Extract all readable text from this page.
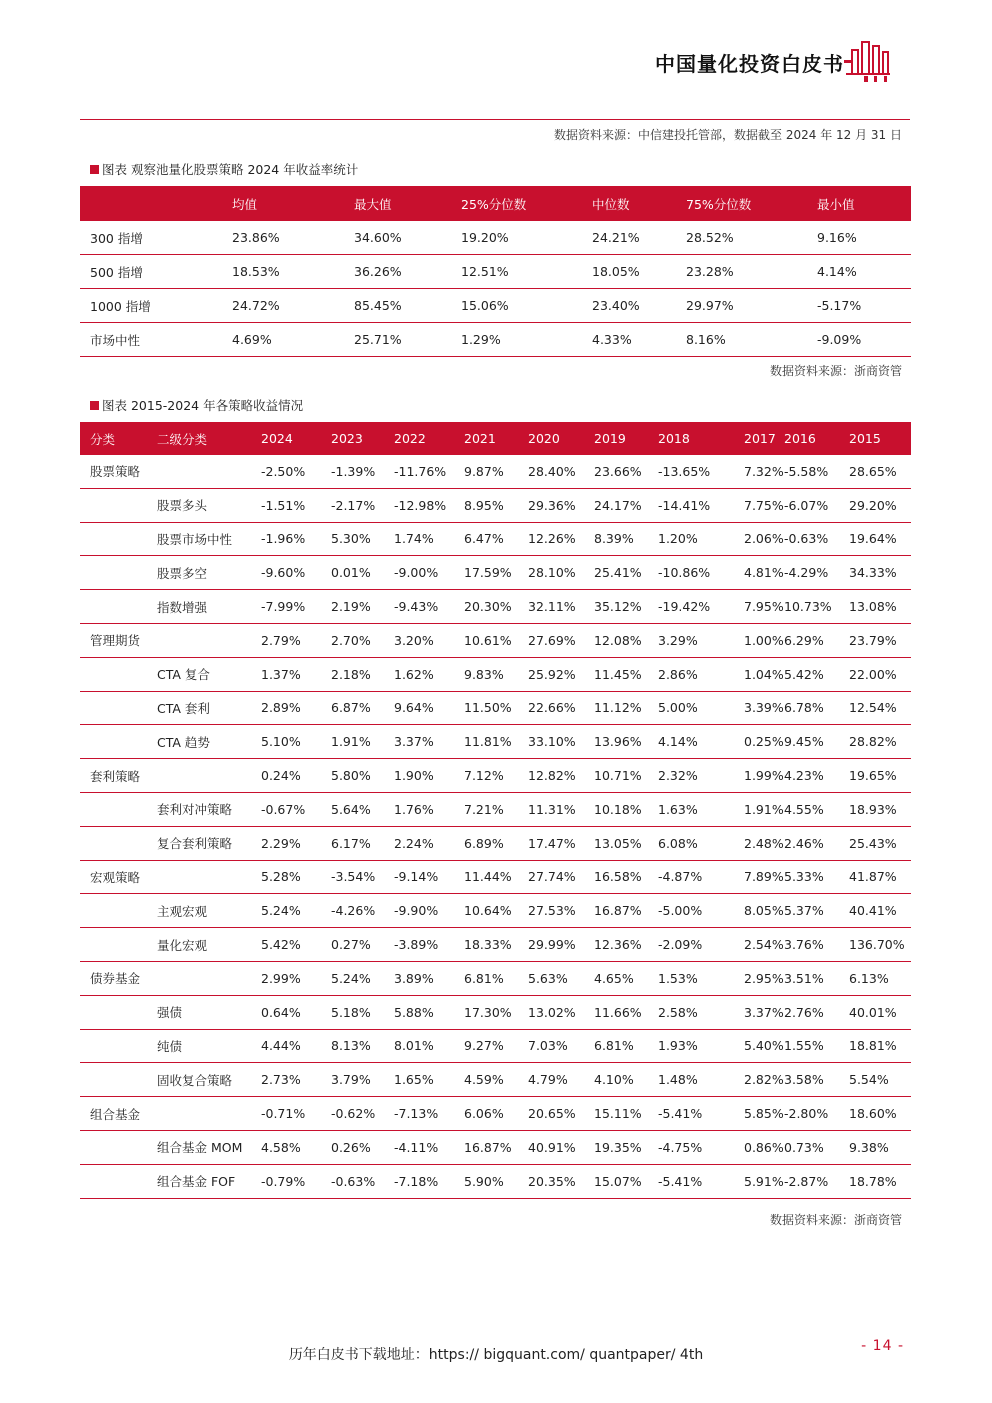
中国量化投资白皮书
数据资料来源：中信建投托管部，数据截至 2024 年 12 月 31 日
图表 观察池量化股票策略 2024 年收益率统计
	均值	最大值	25%分位数	中位数	75%分位数	最小值
300 指增	23.86%	34.60%	19.20%	24.21%	28.52%	9.16%
500 指增	18.53%	36.26%	12.51%	18.05%	23.28%	4.14%
1000 指增	24.72%	85.45%	15.06%	23.40%	29.97%	-5.17%
市场中性	4.69%	25.71%	1.29%	4.33%	8.16%	-9.09%
数据资料来源：浙商资管
图表 2015-2024 年各策略收益情况
分类	二级分类	2024	2023	2022	2021	2020	2019	2018	2017	2016	2015
股票策略		-2.50%	-1.39%	-11.76%	9.87%	28.40%	23.66%	-13.65%	7.32%	-5.58%	28.65%
	股票多头	-1.51%	-2.17%	-12.98%	8.95%	29.36%	24.17%	-14.41%	7.75%	-6.07%	29.20%
	股票市场中性	-1.96%	5.30%	1.74%	6.47%	12.26%	8.39%	1.20%	2.06%	-0.63%	19.64%
	股票多空	-9.60%	0.01%	-9.00%	17.59%	28.10%	25.41%	-10.86%	4.81%	-4.29%	34.33%
	指数增强	-7.99%	2.19%	-9.43%	20.30%	32.11%	35.12%	-19.42%	7.95%	10.73%	13.08%
管理期货		2.79%	2.70%	3.20%	10.61%	27.69%	12.08%	3.29%	1.00%	6.29%	23.79%
	CTA 复合	1.37%	2.18%	1.62%	9.83%	25.92%	11.45%	2.86%	1.04%	5.42%	22.00%
	CTA 套利	2.89%	6.87%	9.64%	11.50%	22.66%	11.12%	5.00%	3.39%	6.78%	12.54%
	CTA 趋势	5.10%	1.91%	3.37%	11.81%	33.10%	13.96%	4.14%	0.25%	9.45%	28.82%
套利策略		0.24%	5.80%	1.90%	7.12%	12.82%	10.71%	2.32%	1.99%	4.23%	19.65%
	套利对冲策略	-0.67%	5.64%	1.76%	7.21%	11.31%	10.18%	1.63%	1.91%	4.55%	18.93%
	复合套利策略	2.29%	6.17%	2.24%	6.89%	17.47%	13.05%	6.08%	2.48%	2.46%	25.43%
宏观策略		5.28%	-3.54%	-9.14%	11.44%	27.74%	16.58%	-4.87%	7.89%	5.33%	41.87%
	主观宏观	5.24%	-4.26%	-9.90%	10.64%	27.53%	16.87%	-5.00%	8.05%	5.37%	40.41%
	量化宏观	5.42%	0.27%	-3.89%	18.33%	29.99%	12.36%	-2.09%	2.54%	3.76%	136.70%
债券基金		2.99%	5.24%	3.89%	6.81%	5.63%	4.65%	1.53%	2.95%	3.51%	6.13%
	强债	0.64%	5.18%	5.88%	17.30%	13.02%	11.66%	2.58%	3.37%	2.76%	40.01%
	纯债	4.44%	8.13%	8.01%	9.27%	7.03%	6.81%	1.93%	5.40%	1.55%	18.81%
	固收复合策略	2.73%	3.79%	1.65%	4.59%	4.79%	4.10%	1.48%	2.82%	3.58%	5.54%
组合基金		-0.71%	-0.62%	-7.13%	6.06%	20.65%	15.11%	-5.41%	5.85%	-2.80%	18.60%
	组合基金 MOM	4.58%	0.26%	-4.11%	16.87%	40.91%	19.35%	-4.75%	0.86%	0.73%	9.38%
	组合基金 FOF	-0.79%	-0.63%	-7.18%	5.90%	20.35%	15.07%	-5.41%	5.91%	-2.87%	18.78%
数据资料来源：浙商资管
历年白皮书下载地址：https:// bigquant.com/ quantpaper/ 4th
- 14 -
